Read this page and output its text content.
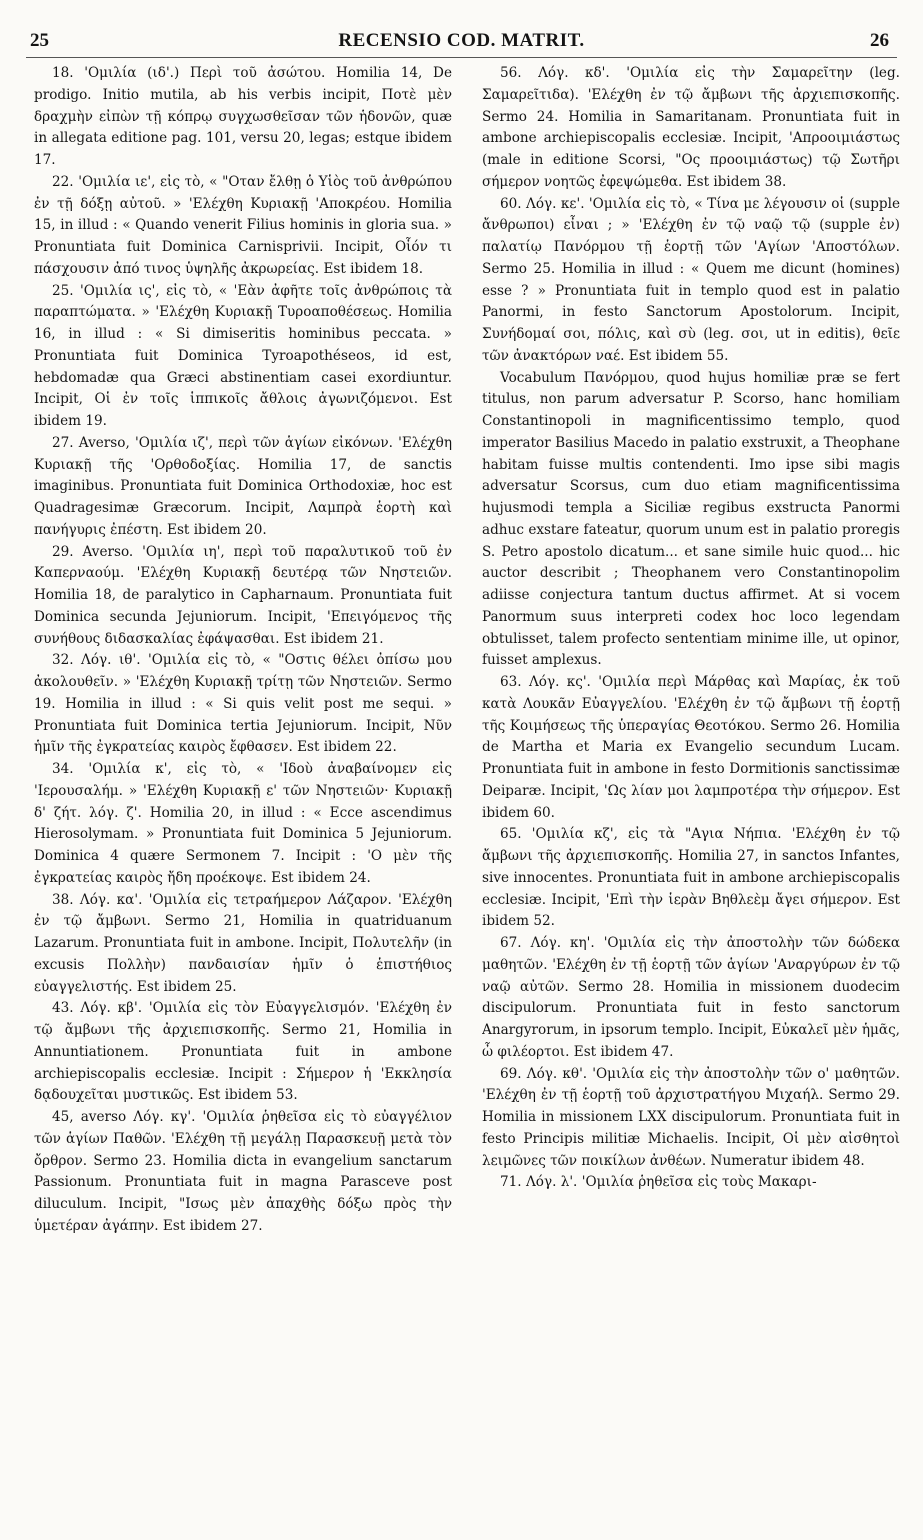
25	RECENSIO COD. MATRIT.	26

18. 'Ομιλία (ιδ'.) Περὶ τοῦ ἀσώτου. Homilia 14, De prodigo. Initio mutila, ab his verbis incipit, Ποτὲ μὲν δραχμὴν εἰπὼν τῇ κόπρῳ συγχωσθεῖσαν τῶν ἡδονῶν, quæ in allegata editione pag. 101, versu 20, legas; estque ibidem 17.

22. 'Ομιλία ιε', εἰς τὸ, « "Οταν ἔλθῃ ὁ Υἱὸς τοῦ ἀνθρώπου ἐν τῇ δόξῃ αὐτοῦ. » 'Ελέχθη Κυριακῇ 'Αποκρέου. Homilia 15, in illud : « Quando venerit Filius hominis in gloria sua. » Pronuntiata fuit Dominica Carnisprivii. Incipit, Οἷόν τι πάσχουσιν ἀπό τινος ὑψηλῆς ἀκρωρείας. Est ibidem 18.

25. 'Ομιλία ις', εἰς τὸ, « 'Εὰν ἀφῆτε τοῖς ἀνθρώποις τὰ παραπτώματα. » 'Ελέχθη Κυριακῇ Τυροαποθέσεως. Homilia 16, in illud : « Si dimiseritis hominibus peccata. » Pronuntiata fuit Dominica Tyroapothéseos, id est, hebdomadæ qua Græci abstinentiam casei exordiuntur. Incipit, Οἱ ἐν τοῖς ἱππικοῖς ἄθλοις ἀγωνιζόμενοι. Est ibidem 19.

27. Averso, 'Ομιλία ιζ', περὶ τῶν ἁγίων εἰκόνων. 'Ελέχθη Κυριακῇ τῆς 'Ορθοδοξίας. Homilia 17, de sanctis imaginibus. Pronuntiata fuit Dominica Orthodoxiæ, hoc est Quadragesimæ Græcorum. Incipit, Λαμπρὰ ἑορτὴ καὶ πανήγυρις ἐπέστη. Est ibidem 20.

29. Averso. 'Ομιλία ιη', περὶ τοῦ παραλυτικοῦ τοῦ ἐν Καπερναούμ. 'Ελέχθη Κυριακῇ δευτέρᾳ τῶν Νηστειῶν. Homilia 18, de paralytico in Capharnaum. Pronuntiata fuit Dominica secunda Jejuniorum. Incipit, 'Επειγόμενος τῆς συνήθους διδασκαλίας ἐφάψασθαι. Est ibidem 21.

32. Λόγ. ιθ'. 'Ομιλία εἰς τὸ, « "Οστις θέλει ὀπίσω μου ἀκολουθεῖν. » 'Ελέχθη Κυριακῇ τρίτῃ τῶν Νηστειῶν. Sermo 19. Homilia in illud : « Si quis velit post me sequi. » Pronuntiata fuit Dominica tertia Jejuniorum. Incipit, Νῦν ἡμῖν τῆς ἐγκρατείας καιρὸς ἔφθασεν. Est ibidem 22.

34. 'Ομιλία κ', εἰς τὸ, « 'Ιδοὺ ἀναβαίνομεν εἰς 'Ιερουσαλήμ. » 'Ελέχθη Κυριακῇ ε' τῶν Νηστειῶν· Κυριακῇ δ' ζήτ. λόγ. ζ'. Homilia 20, in illud : « Ecce ascendimus Hierosolymam. » Pronuntiata fuit Dominica 5 Jejuniorum. Dominica 4 quære Sermonem 7. Incipit : 'Ο μὲν τῆς ἐγκρατείας καιρὸς ἤδη προέκοψε. Est ibidem 24.

38. Λόγ. κα'. 'Ομιλία εἰς τετραήμερον Λάζαρον. 'Ελέχθη ἐν τῷ ἄμβωνι. Sermo 21, Homilia in quatriduanum Lazarum. Pronuntiata fuit in ambone. Incipit, Πολυτελῆν (in excusis Πολλὴν) πανδαισίαν ἡμῖν ὁ ἑπιστήθιος εὐαγγελιστής. Est ibidem 25.

43. Λόγ. κβ'. 'Ομιλία εἰς τὸν Εὐαγγελισμόν. 'Ελέχθη ἐν τῷ ἄμβωνι τῆς ἀρχιεπισκοπῆς. Sermo 21, Homilia in Annuntiationem. Pronuntiata fuit in ambone archiepiscopalis ecclesiæ. Incipit : Σήμερον ἡ 'Εκκλησία δᾳδουχεῖται μυστικῶς. Est ibidem 53.

45, averso Λόγ. κγ'. 'Ομιλία ῥηθεῖσα εἰς τὸ εὐαγγέλιον τῶν ἁγίων Παθῶν. 'Ελέχθη τῇ μεγάλῃ Παρασκευῇ μετὰ τὸν ὄρθρον. Sermo 23. Homilia dicta in evangelium sanctarum Passionum. Pronuntiata fuit in magna Parasceve post diluculum. Incipit, "Ισως μὲν ἀπαχθὴς δόξω πρὸς τὴν ὑμετέραν ἀγάπην. Est ibidem 27.

56. Λόγ. κδ'. 'Ομιλία εἰς τὴν Σαμαρεῖτην (leg. Σαμαρεῖτιδα). 'Ελέχθη ἐν τῷ ἄμβωνι τῆς ἀρχιεπισκοπῆς. Sermo 24. Homilia in Samaritanam. Pronuntiata fuit in ambone archiepiscopalis ecclesiæ. Incipit, 'Απροοιμιάστως (male in editione Scorsi, "Ος προοιμιάστως) τῷ Σωτῆρι σήμερον νοητῶς ἐφεψώμεθα. Est ibidem 38.

60. Λόγ. κε'. 'Ομιλία εἰς τὸ, « Τίνα με λέγουσιν οἱ (supple ἄνθρωποι) εἶναι ; » 'Ελέχθη ἐν τῷ ναῷ τῷ (supple ἐν) παλατίῳ Πανόρμου τῇ ἑορτῇ τῶν 'Αγίων 'Αποστόλων. Sermo 25. Homilia in illud : « Quem me dicunt (homines) esse ? » Pronuntiata fuit in templo quod est in palatio Panormi, in festo Sanctorum Apostolorum. Incipit, Συνήδομαί σοι, πόλις, καὶ σὺ (leg. σοι, ut in editis), θεῖε τῶν ἀνακτόρων ναέ. Est ibidem 55.

Vocabulum Πανόρμου, quod hujus homiliæ præ se fert titulus, non parum adversatur P. Scorso, hanc homiliam Constantinopoli in magnificentissimo templo, quod imperator Basilius Macedo in palatio exstruxit, a Theophane habitam fuisse multis contendenti. Imo ipse sibi magis adversatur Scorsus, cum duo etiam magnificentissima hujusmodi templa a Siciliæ regibus exstructa Panormi adhuc exstare fateatur, quorum unum est in palatio proregis S. Petro apostolo dicatum... et sane simile huic quod... hic auctor describit ; Theophanem vero Constantinopolim adiisse conjectura tantum ductus affirmet. At si vocem Panormum suus interpreti codex hoc loco legendam obtulisset, talem profecto sententiam minime ille, ut opinor, fuisset amplexus.

63. Λόγ. κς'. 'Ομιλία περὶ Μάρθας καὶ Μαρίας, ἐκ τοῦ κατὰ Λουκᾶν Εὐαγγελίου. 'Ελέχθη ἐν τῷ ἄμβωνι τῇ ἑορτῇ τῆς Κοιμήσεως τῆς ὑπεραγίας Θεοτόκου. Sermo 26. Homilia de Martha et Maria ex Evangelio secundum Lucam. Pronuntiata fuit in ambone in festo Dormitionis sanctissimæ Deiparæ. Incipit, 'Ως λίαν μοι λαμπροτέρα τὴν σήμερον. Est ibidem 60.

65. 'Ομιλία κζ', εἰς τὰ "Αγια Νήπια. 'Ελέχθη ἐν τῷ ἄμβωνι τῆς ἀρχιεπισκοπῆς. Homilia 27, in sanctos Infantes, sive innocentes. Pronuntiata fuit in ambone archiepiscopalis ecclesiæ. Incipit, 'Επὶ τὴν ἱερὰν Βηθλεὲμ ἄγει σήμερον. Est ibidem 52.

67. Λόγ. κη'. 'Ομιλία εἰς τὴν ἀποστολὴν τῶν δώδεκα μαθητῶν. 'Ελέχθη ἐν τῇ ἑορτῇ τῶν ἁγίων 'Αναργύρων ἐν τῷ ναῷ αὐτῶν. Sermo 28. Homilia in missionem duodecim discipulorum. Pronuntiata fuit in festo sanctorum Anargyrorum, in ipsorum templo. Incipit, Εὐκαλεῖ μὲν ἡμᾶς, ὦ φιλέορτοι. Est ibidem 47.

69. Λόγ. κθ'. 'Ομιλία εἰς τὴν ἀποστολὴν τῶν ο' μαθητῶν. 'Ελέχθη ἐν τῇ ἑορτῇ τοῦ ἀρχιστρατήγου Μιχαήλ. Sermo 29. Homilia in missionem LXX discipulorum. Pronuntiata fuit in festo Principis militiæ Michaelis. Incipit, Οἱ μὲν αἰσθητοὶ λειμῶνες τῶν ποικίλων ἀνθέων. Numeratur ibidem 48.

71. Λόγ. λ'. 'Ομιλία ῥηθεῖσα εἰς τοὺς Μακαρι-
